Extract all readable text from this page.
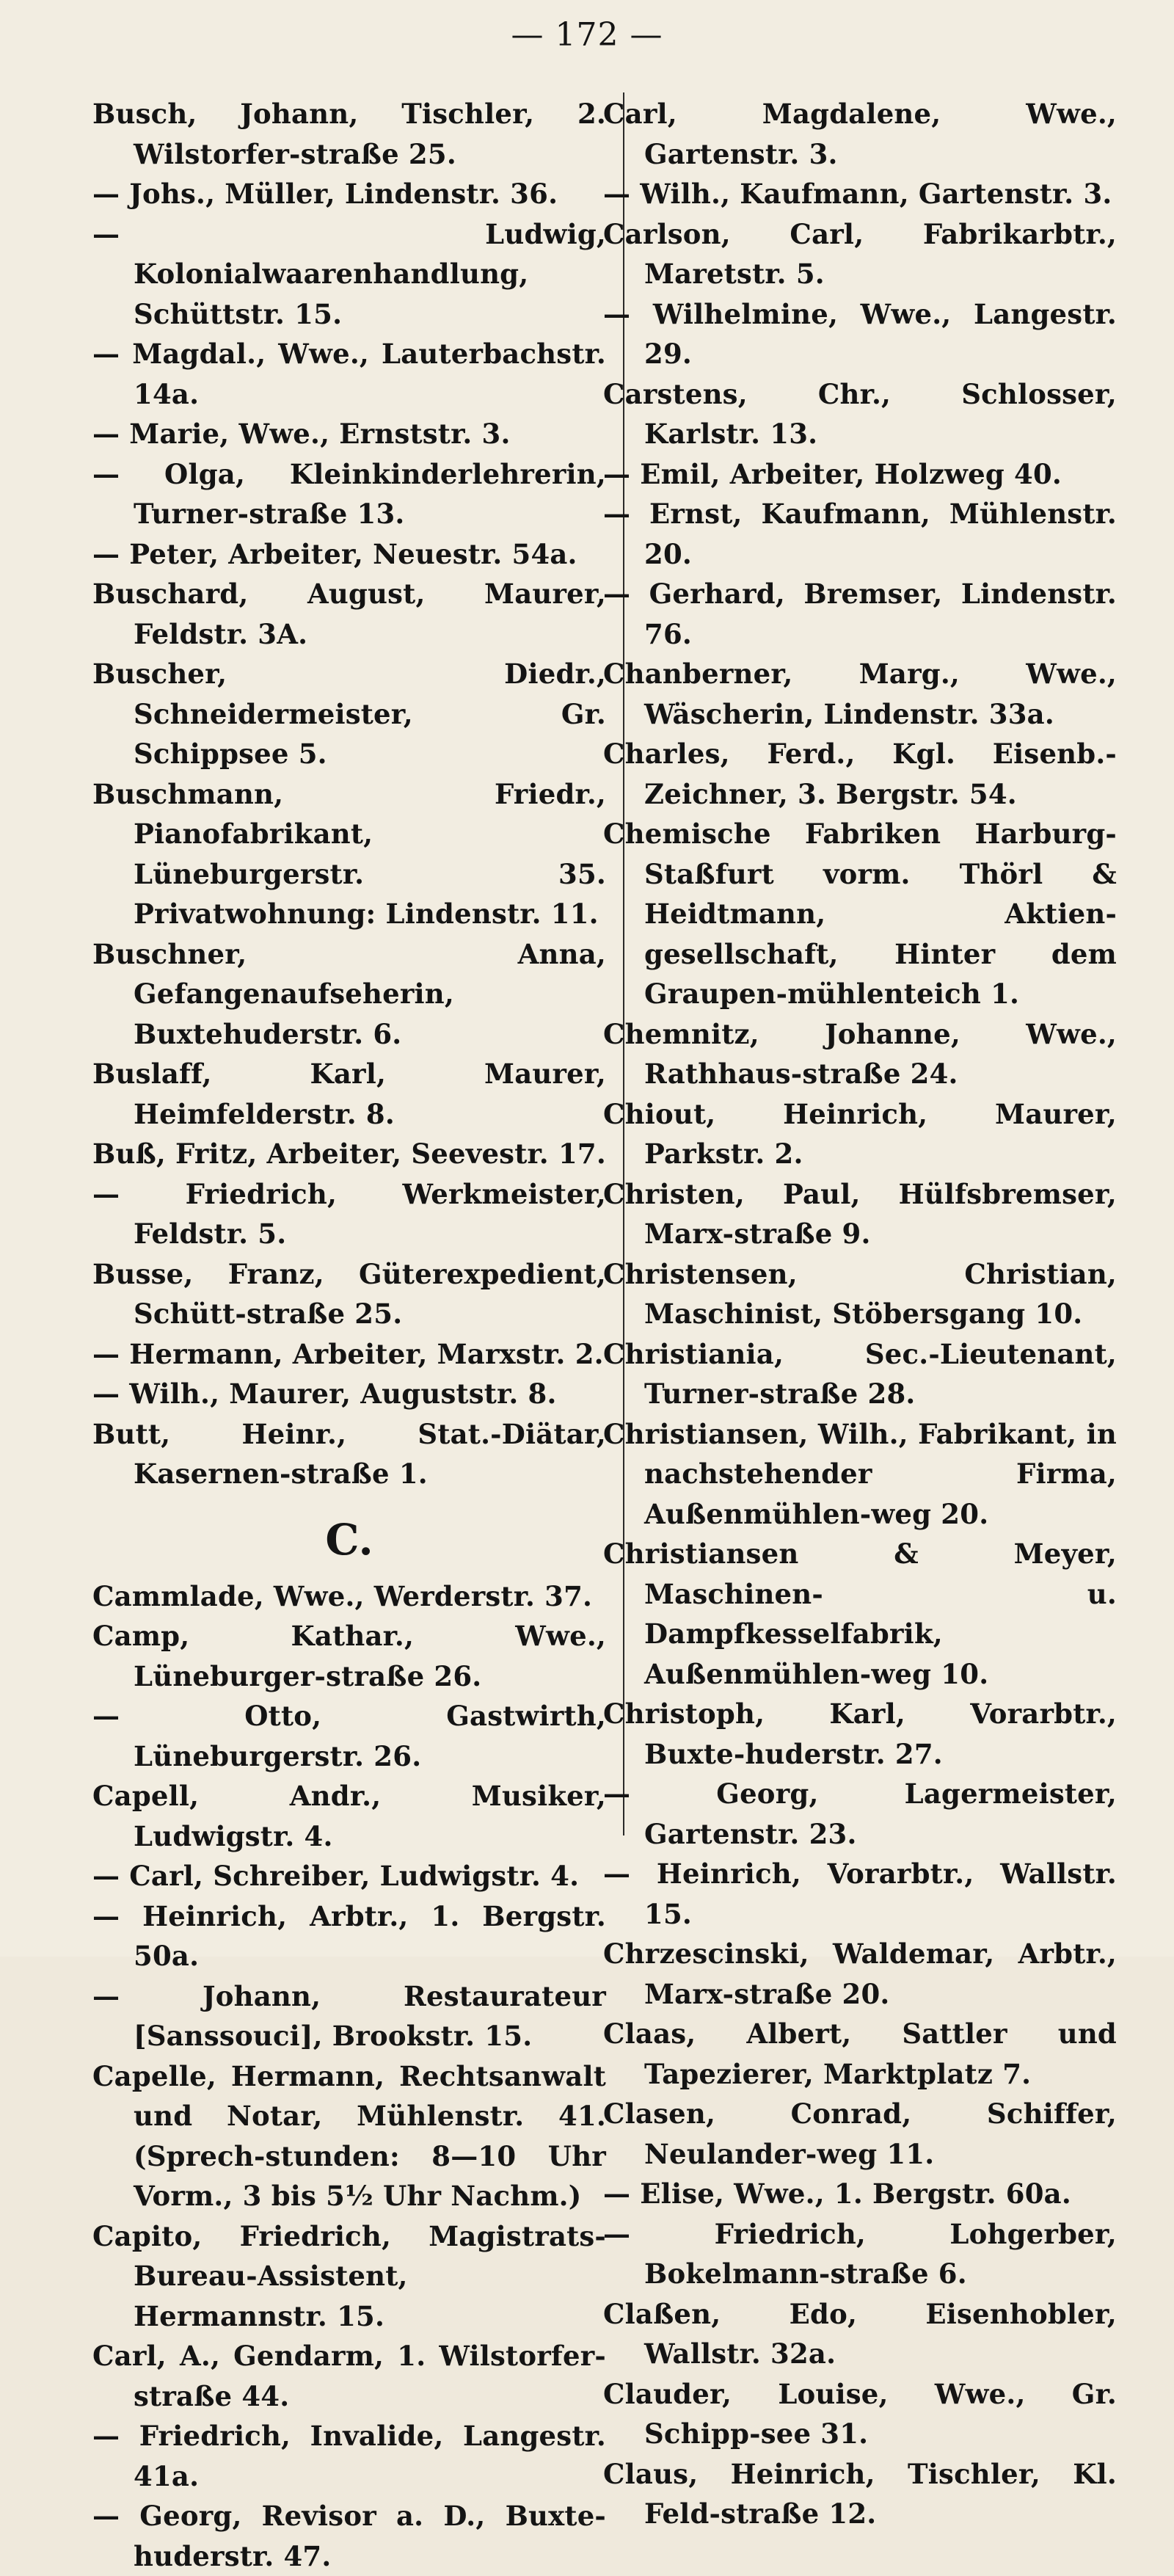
— 172 —
Busch, Johann, Tischler, 2. Wilstorfer-straße 25.
— Johs., Müller, Lindenstr. 36.
— Ludwig, Kolonialwaarenhandlung, Schüttstr. 15.
— Magdal., Wwe., Lauterbachstr. 14a.
— Marie, Wwe., Ernststr. 3.
— Olga, Kleinkinderlehrerin, Turner-straße 13.
— Peter, Arbeiter, Neuestr. 54a.
Buschard, August, Maurer, Feldstr. 3A.
Buscher, Diedr., Schneidermeister, Gr. Schippsee 5.
Buschmann, Friedr., Pianofabrikant, Lüneburgerstr. 35. Privatwohnung: Lindenstr. 11.
Buschner, Anna, Gefangenaufseherin, Buxtehuderstr. 6.
Buslaff, Karl, Maurer, Heimfelderstr. 8.
Buß, Fritz, Arbeiter, Seevestr. 17.
— Friedrich, Werkmeister, Feldstr. 5.
Busse, Franz, Güterexpedient, Schütt-straße 25.
— Hermann, Arbeiter, Marxstr. 2.
— Wilh., Maurer, Auguststr. 8.
Butt, Heinr., Stat.-Diätar, Kasernen-straße 1.
C.
Cammlade, Wwe., Werderstr. 37.
Camp, Kathar., Wwe., Lüneburger-straße 26.
— Otto, Gastwirth, Lüneburgerstr. 26.
Capell, Andr., Musiker, Ludwigstr. 4.
— Carl, Schreiber, Ludwigstr. 4.
— Heinrich, Arbtr., 1. Bergstr. 50a.
— Johann, Restaurateur [Sanssouci], Brookstr. 15.
Capelle, Hermann, Rechtsanwalt und Notar, Mühlenstr. 41. (Sprech-stunden: 8—10 Uhr Vorm., 3 bis 5½ Uhr Nachm.)
Capito, Friedrich, Magistrats-Bureau-Assistent, Hermannstr. 15.
Carl, A., Gendarm, 1. Wilstorfer-straße 44.
— Friedrich, Invalide, Langestr. 41a.
— Georg, Revisor a. D., Buxte-huderstr. 47.
Carl, Magdalene, Wwe., Gartenstr. 3.
— Wilh., Kaufmann, Gartenstr. 3.
Carlson, Carl, Fabrikarbtr., Maretstr. 5.
— Wilhelmine, Wwe., Langestr. 29.
Carstens, Chr., Schlosser, Karlstr. 13.
— Emil, Arbeiter, Holzweg 40.
— Ernst, Kaufmann, Mühlenstr. 20.
— Gerhard, Bremser, Lindenstr. 76.
Chanberner, Marg., Wwe., Wäscherin, Lindenstr. 33a.
Charles, Ferd., Kgl. Eisenb.-Zeichner, 3. Bergstr. 54.
Chemische Fabriken Harburg-Staßfurt vorm. Thörl & Heidtmann, Aktien-gesellschaft, Hinter dem Graupen-mühlenteich 1.
Chemnitz, Johanne, Wwe., Rathhaus-straße 24.
Chiout, Heinrich, Maurer, Parkstr. 2.
Christen, Paul, Hülfsbremser, Marx-straße 9.
Christensen, Christian, Maschinist, Stöbersgang 10.
Christiania, Sec.-Lieutenant, Turner-straße 28.
Christiansen, Wilh., Fabrikant, in nachstehender Firma, Außenmühlen-weg 20.
Christiansen & Meyer, Maschinen- u. Dampfkesselfabrik, Außenmühlen-weg 10.
Christoph, Karl, Vorarbtr., Buxte-huderstr. 27.
— Georg, Lagermeister, Gartenstr. 23.
— Heinrich, Vorarbtr., Wallstr. 15.
Chrzescinski, Waldemar, Arbtr., Marx-straße 20.
Claas, Albert, Sattler und Tapezierer, Marktplatz 7.
Clasen, Conrad, Schiffer, Neulander-weg 11.
— Elise, Wwe., 1. Bergstr. 60a.
— Friedrich, Lohgerber, Bokelmann-straße 6.
Claßen, Edo, Eisenhobler, Wallstr. 32a.
Clauder, Louise, Wwe., Gr. Schipp-see 31.
Claus, Heinrich, Tischler, Kl. Feld-straße 12.
